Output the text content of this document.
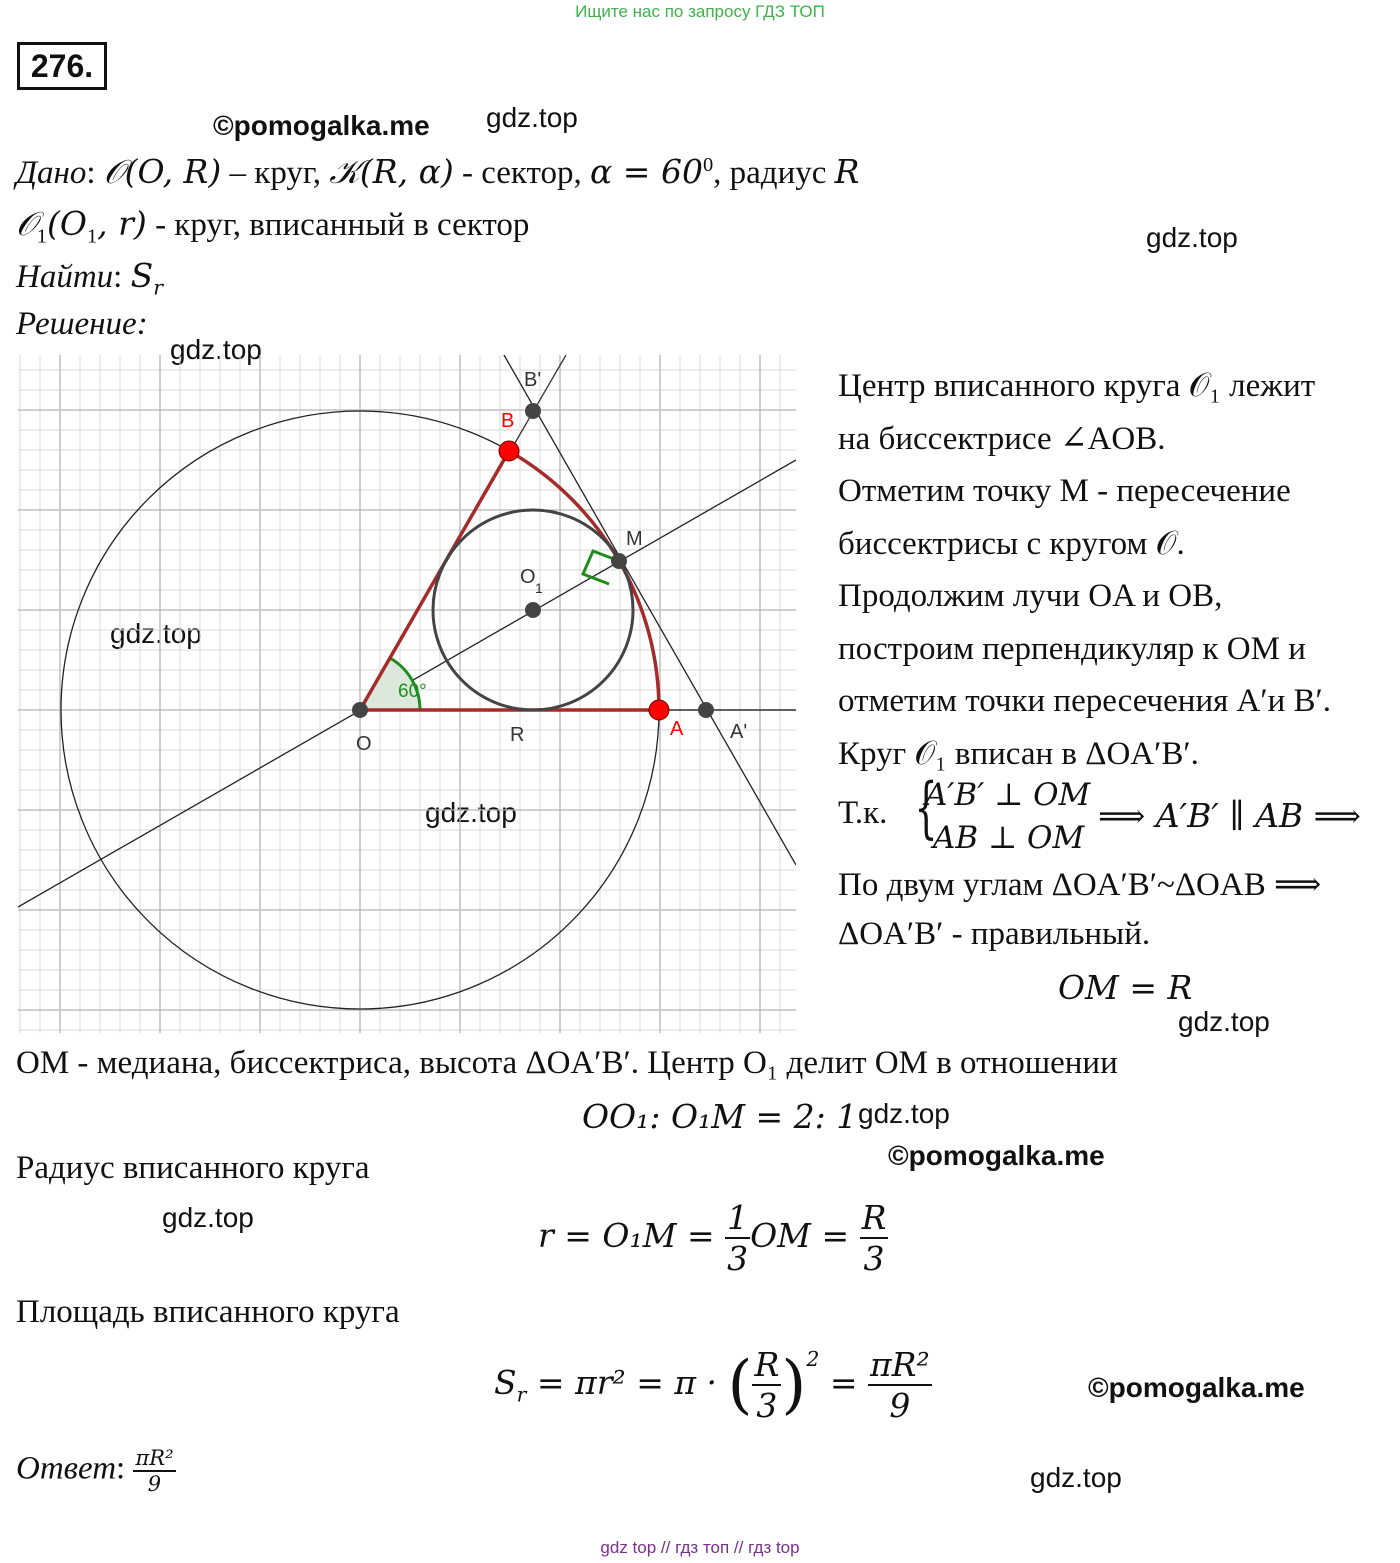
Ищите нас по запросу ГДЗ ТОП
gdz top // гдз топ // гдз top
276.
©pomogalka.me gdz.top
gdz.top
gdz.top
gdz.top
gdz.top
gdz.top
gdz.top
©pomogalka.me
gdz.top
©pomogalka.me
gdz.top
Дано: 𝒪(O, R) – круг, 𝒦(R, α) - сектор, $\alpha = 60^0$, радиус R
$𝒪_1(O_1$, r) - круг, вписанный в сектор
Найти: $S_r$
Решение:
O
A
B
A'
B'
M
O 1
R
60°
Центр вписанного круга 𝒪₁ лежит
на биссектрисе ∠AOB.
Отметим точку M - пересечение
биссектрисы с кругом 𝒪.
Продолжим лучи OA и OB,
построим перпендикуляр к OM и
отметим точки пересечения A′и B′.
Круг 𝒪₁ вписан в ΔOA′B′.
Т.к. {
A′B′ ⊥ OM
AB ⊥ OM
⟹ A′B′ ∥ AB ⟹
По двум углам ΔOA′B′~ΔOAB ⟹
ΔOA′B′ - правильный.
OM = R
OM - медиана, биссектриса, высота ΔOA′B′. Центр O₁ делит OM в отношении
OO₁: O₁M = 2: 1
Радиус вписанного круга
$r = O_1M = \frac{1}{3}$ OM = $\frac{R}{3}$
Площадь вписанного круга
$S_r = \pi r^2 = \pi$ · ( $\frac{R}{3} )^2 = \frac{\text{πR²}}{9}$
Ответ: $\frac{\text{πR²}}{9}$
